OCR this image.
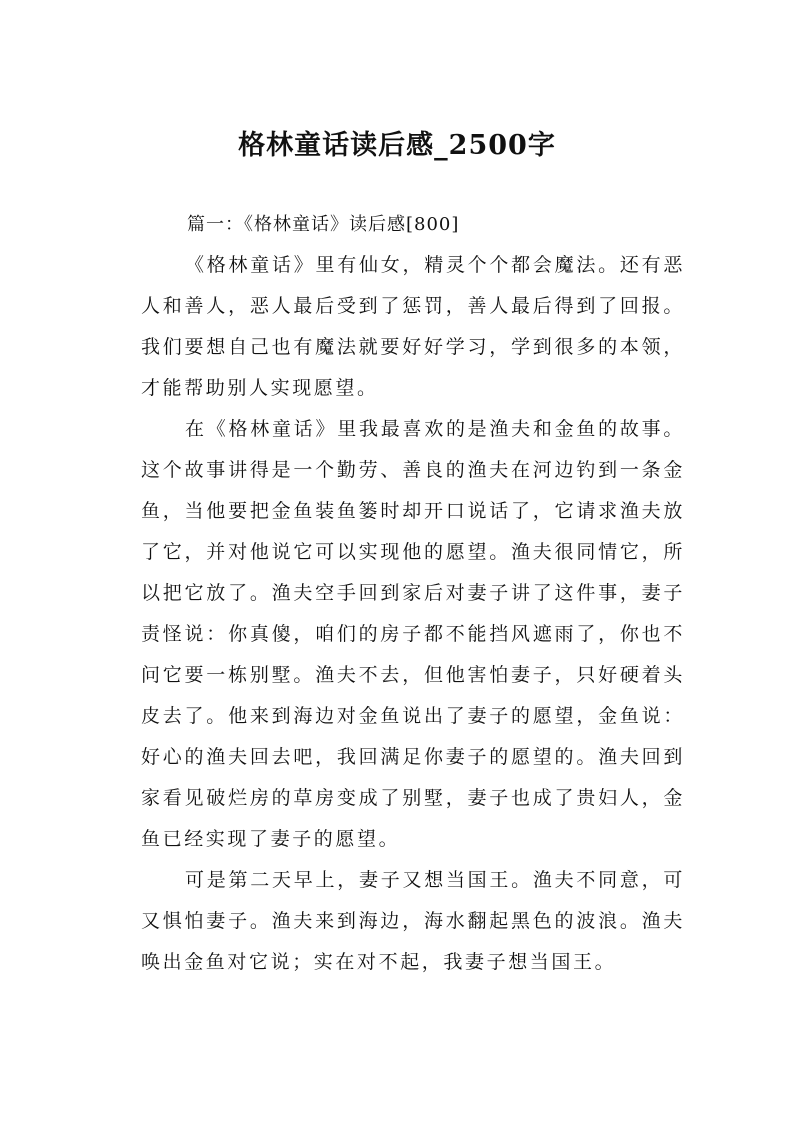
格林童话读后感_2500字

篇一：《格林童话》读后感[800]

《格林童话》里有仙女，精灵个个都会魔法。还有恶人和善人，恶人最后受到了惩罚，善人最后得到了回报。我们要想自己也有魔法就要好好学习，学到很多的本领，才能帮助别人实现愿望。

在《格林童话》里我最喜欢的是渔夫和金鱼的故事。这个故事讲得是一个勤劳、善良的渔夫在河边钓到一条金鱼，当他要把金鱼装鱼篓时却开口说话了，它请求渔夫放了它，并对他说它可以实现他的愿望。渔夫很同情它，所以把它放了。渔夫空手回到家后对妻子讲了这件事，妻子责怪说：你真傻，咱们的房子都不能挡风遮雨了，你也不问它要一栋别墅。渔夫不去，但他害怕妻子，只好硬着头皮去了。他来到海边对金鱼说出了妻子的愿望，金鱼说：好心的渔夫回去吧，我回满足你妻子的愿望的。渔夫回到家看见破烂房的草房变成了别墅，妻子也成了贵妇人，金鱼已经实现了妻子的愿望。

可是第二天早上，妻子又想当国王。渔夫不同意，可又惧怕妻子。渔夫来到海边，海水翻起黑色的波浪。渔夫唤出金鱼对它说；实在对不起，我妻子想当国王。
